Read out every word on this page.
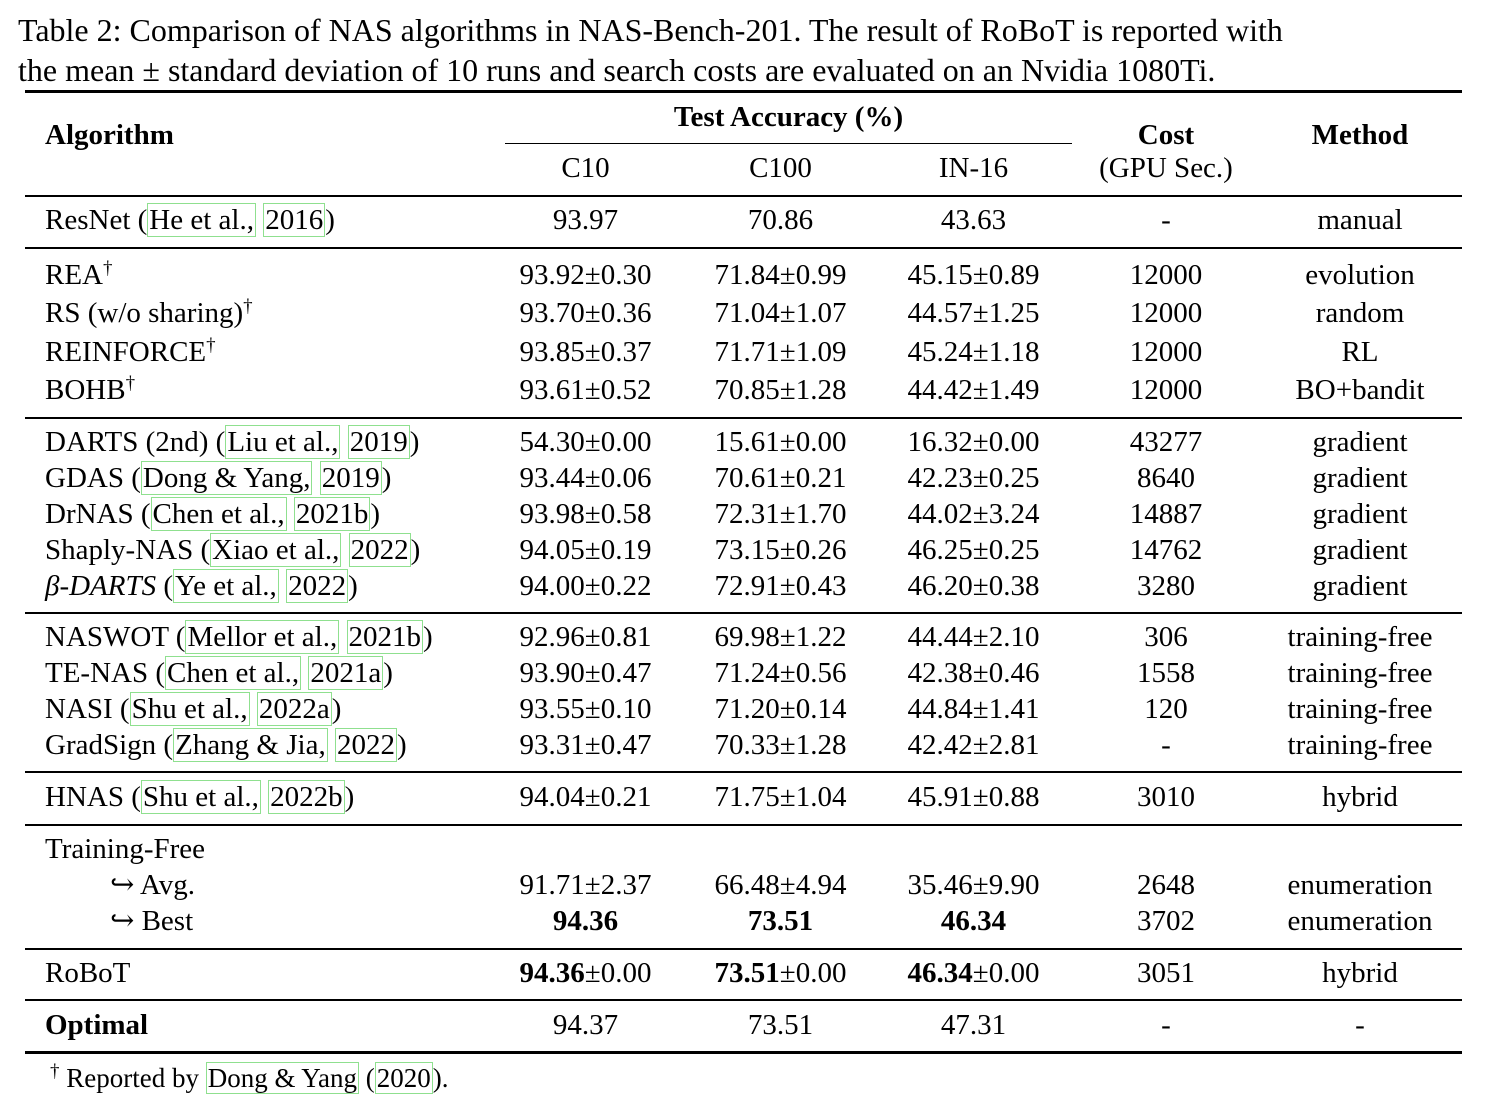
Table 2: Comparison of NAS algorithms in NAS-Bench-201. The result of RoBoT is reported with
the mean ± standard deviation of 10 runs and search costs are evaluated on an Nvidia 1080Ti.
Algorithm
Test Accuracy (%)
C10	C100	IN-16
Cost
(GPU Sec.)
Method
ResNet (He et al., 2016)	93.97	70.86	43.63	-	manual
REA†	93.92±0.30	71.84±0.99	45.15±0.89	12000	evolution
RS (w/o sharing)†	93.70±0.36	71.04±1.07	44.57±1.25	12000	random
REINFORCE†	93.85±0.37	71.71±1.09	45.24±1.18	12000	RL
BOHB†	93.61±0.52	70.85±1.28	44.42±1.49	12000	BO+bandit
DARTS (2nd) (Liu et al., 2019)	54.30±0.00	15.61±0.00	16.32±0.00	43277	gradient
GDAS (Dong & Yang, 2019)	93.44±0.06	70.61±0.21	42.23±0.25	8640	gradient
DrNAS (Chen et al., 2021b)	93.98±0.58	72.31±1.70	44.02±3.24	14887	gradient
Shaply-NAS (Xiao et al., 2022)	94.05±0.19	73.15±0.26	46.25±0.25	14762	gradient
β-DARTS (Ye et al., 2022)	94.00±0.22	72.91±0.43	46.20±0.38	3280	gradient
NASWOT (Mellor et al., 2021b)	92.96±0.81	69.98±1.22	44.44±2.10	306	training-free
TE-NAS (Chen et al., 2021a)	93.90±0.47	71.24±0.56	42.38±0.46	1558	training-free
NASI (Shu et al., 2022a)	93.55±0.10	71.20±0.14	44.84±1.41	120	training-free
GradSign (Zhang & Jia, 2022)	93.31±0.47	70.33±1.28	42.42±2.81	-	training-free
HNAS (Shu et al., 2022b)	94.04±0.21	71.75±1.04	45.91±0.88	3010	hybrid
Training-Free
↪ Avg.	91.71±2.37	66.48±4.94	35.46±9.90	2648	enumeration
↪ Best	94.36	73.51	46.34	3702	enumeration
RoBoT	94.36±0.00	73.51±0.00	46.34±0.00	3051	hybrid
Optimal	94.37	73.51	47.31	-	-
† Reported by Dong & Yang (2020).
